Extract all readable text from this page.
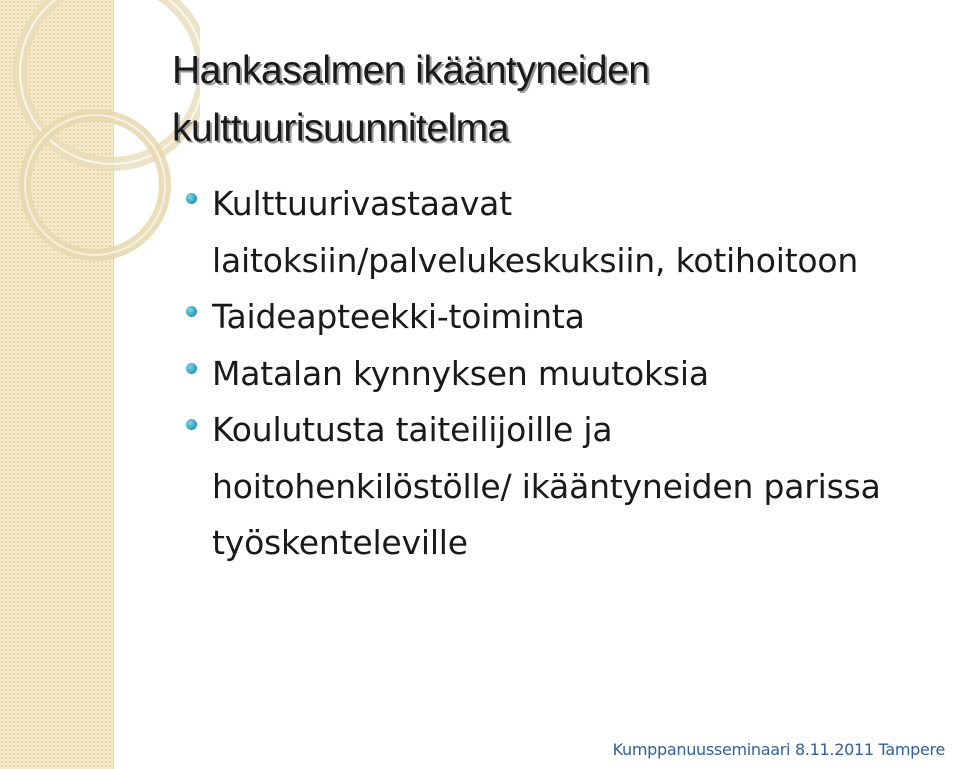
Hankasalmen ikääntyneiden
kulttuurisuunnitelma
Kulttuurivastaavat
laitoksiin/palvelukeskuksiin, kotihoitoon
Taideapteekki-toiminta
Matalan kynnyksen muutoksia
Koulutusta taiteilijoille ja
hoitohenkilöstölle/ ikääntyneiden parissa
työskenteleville
Kumppanuusseminaari 8.11.2011 Tampere
